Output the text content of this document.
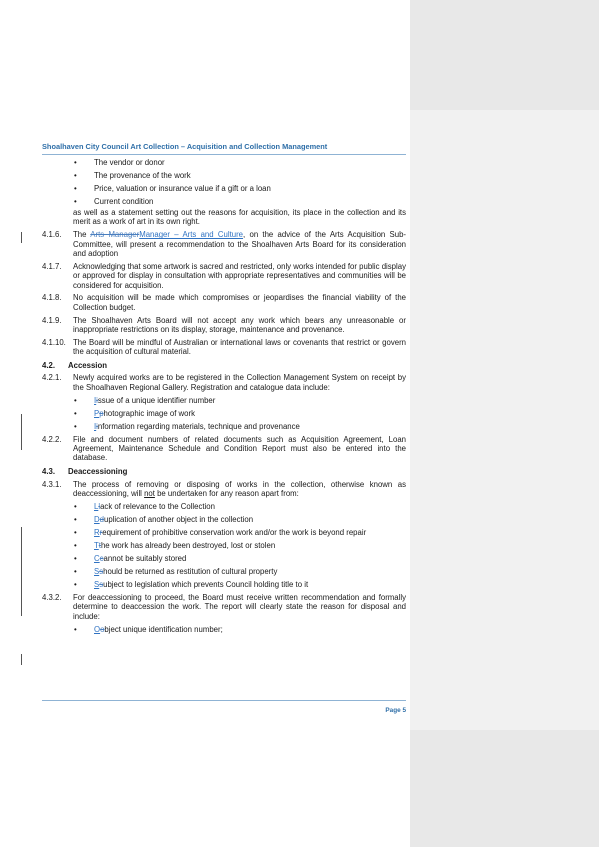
Shoalhaven City Council Art Collection – Acquisition and Collection Management
• The vendor or donor
• The provenance of the work
• Price, valuation or insurance value if a gift or a loan
• Current condition
as well as a statement setting out the reasons for acquisition, its place in the collection and its merit as a work of art in its own right.
4.1.6. The Arts ManagerManager – Arts and Culture, on the advice of the Arts Acquisition Sub-Committee, will present a recommendation to the Shoalhaven Arts Board for its consideration and adoption
4.1.7. Acknowledging that some artwork is sacred and restricted, only works intended for public display or approved for display in consultation with appropriate representatives and communities will be considered for acquisition.
4.1.8. No acquisition will be made which compromises or jeopardises the financial viability of the Collection budget.
4.1.9. The Shoalhaven Arts Board will not accept any work which bears any unreasonable or inappropriate restrictions on its display, storage, maintenance and provenance.
4.1.10. The Board will be mindful of Australian or international laws or covenants that restrict or govern the acquisition of cultural material.
4.2. Accession
4.2.1. Newly acquired works are to be registered in the Collection Management System on receipt by the Shoalhaven Regional Gallery. Registration and catalogue data include:
• Iissue of a unique identifier number
• Pphotographic image of work
• Iinformation regarding materials, technique and provenance
4.2.2. File and document numbers of related documents such as Acquisition Agreement, Loan Agreement, Maintenance Schedule and Condition Report must also be entered into the database.
4.3. Deaccessioning
4.3.1. The process of removing or disposing of works in the collection, otherwise known as deaccessioning, will not be undertaken for any reason apart from:
• Llack of relevance to the Collection
• Dduplication of another object in the collection
• Rrequirement of prohibitive conservation work and/or the work is beyond repair
• Tthe work has already been destroyed, lost or stolen
• Ccannot be suitably stored
• Sshould be returned as restitution of cultural property
• Ssubject to legislation which prevents Council holding title to it
4.3.2. For deaccessioning to proceed, the Board must receive written recommendation and formally determine to deaccession the work. The report will clearly state the reason for disposal and include:
• Oobject unique identification number;
Page 5
